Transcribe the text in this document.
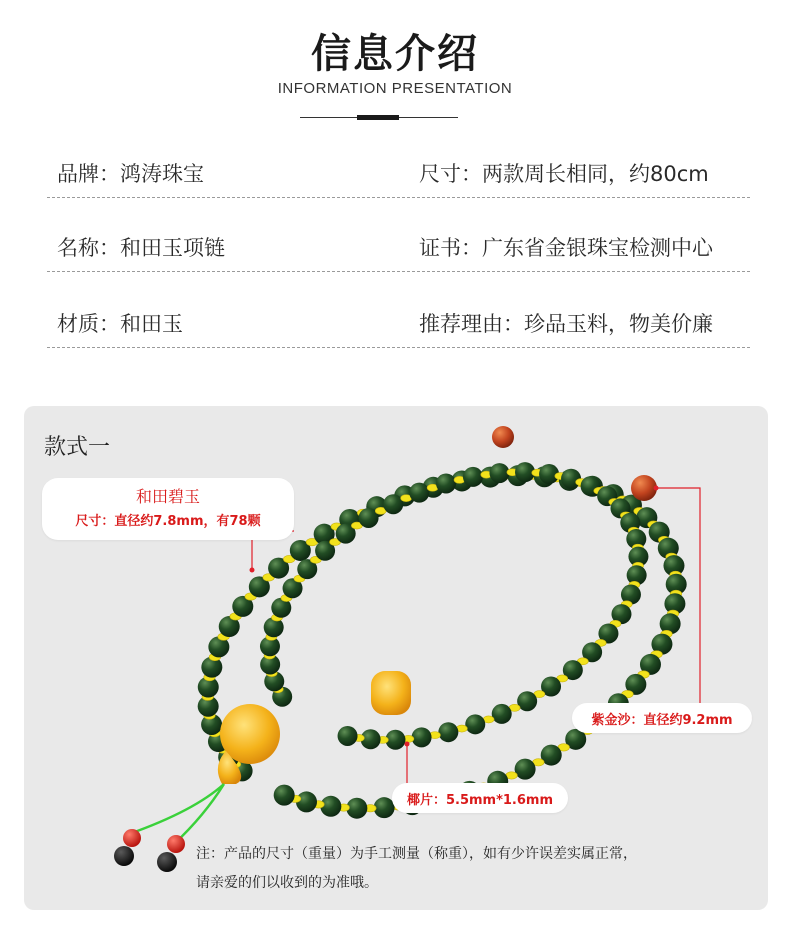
信息介绍
INFORMATION PRESENTATION
品牌：鸿涛珠宝	尺寸：两款周长相同，约80cm
名称：和田玉项链	证书：广东省金银珠宝检测中心
材质：和田玉	推荐理由：珍品玉料，物美价廉
款式一
和田碧玉
尺寸：直径约7.8mm，有78颗
紫金沙：直径约9.2mm
椰片：5.5mm*1.6mm
注：产品的尺寸（重量）为手工测量（称重），如有少许误差实属正常，
请亲爱的们以收到的为准哦。
